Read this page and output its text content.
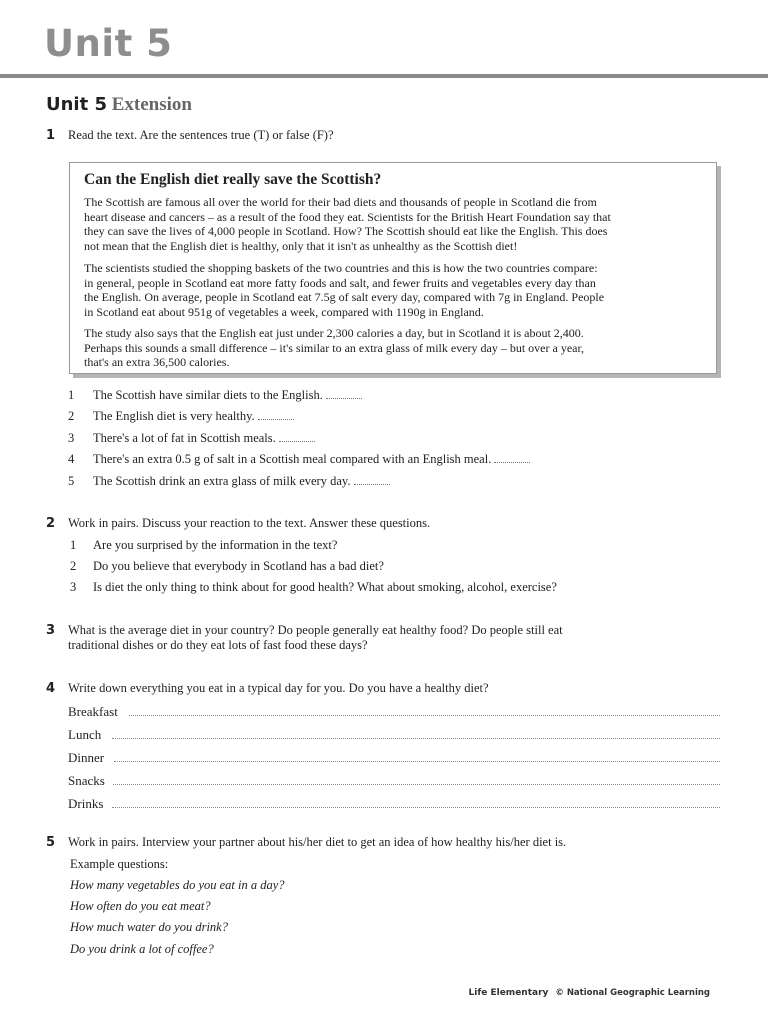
Unit 5
Unit 5 Extension
1 Read the text. Are the sentences true (T) or false (F)?
Can the English diet really save the Scottish?
The Scottish are famous all over the world for their bad diets and thousands of people in Scotland die from
heart disease and cancers – as a result of the food they eat. Scientists for the British Heart Foundation say that
they can save the lives of 4,000 people in Scotland. How? The Scottish should eat like the English. This does
not mean that the English diet is healthy, only that it isn't as unhealthy as the Scottish diet!
The scientists studied the shopping baskets of the two countries and this is how the two countries compare:
in general, people in Scotland eat more fatty foods and salt, and fewer fruits and vegetables every day than
the English. On average, people in Scotland eat 7.5g of salt every day, compared with 7g in England. People
in Scotland eat about 951g of vegetables a week, compared with 1190g in England.
The study also says that the English eat just under 2,300 calories a day, but in Scotland it is about 2,400.
Perhaps this sounds a small difference – it's similar to an extra glass of milk every day – but over a year,
that's an extra 36,500 calories.
1 The Scottish have similar diets to the English.
2 The English diet is very healthy.
3 There's a lot of fat in Scottish meals.
4 There's an extra 0.5 g of salt in a Scottish meal compared with an English meal.
5 The Scottish drink an extra glass of milk every day.
2 Work in pairs. Discuss your reaction to the text. Answer these questions.
1 Are you surprised by the information in the text?
2 Do you believe that everybody in Scotland has a bad diet?
3 Is diet the only thing to think about for good health? What about smoking, alcohol, exercise?
3 What is the average diet in your country? Do people generally eat healthy food? Do people still eat
traditional dishes or do they eat lots of fast food these days?
4 Write down everything you eat in a typical day for you. Do you have a healthy diet?
Breakfast
Lunch
Dinner
Snacks
Drinks
5 Work in pairs. Interview your partner about his/her diet to get an idea of how healthy his/her diet is.
Example questions:
How many vegetables do you eat in a day?
How often do you eat meat?
How much water do you drink?
Do you drink a lot of coffee?
Life Elementary © National Geographic Learning
